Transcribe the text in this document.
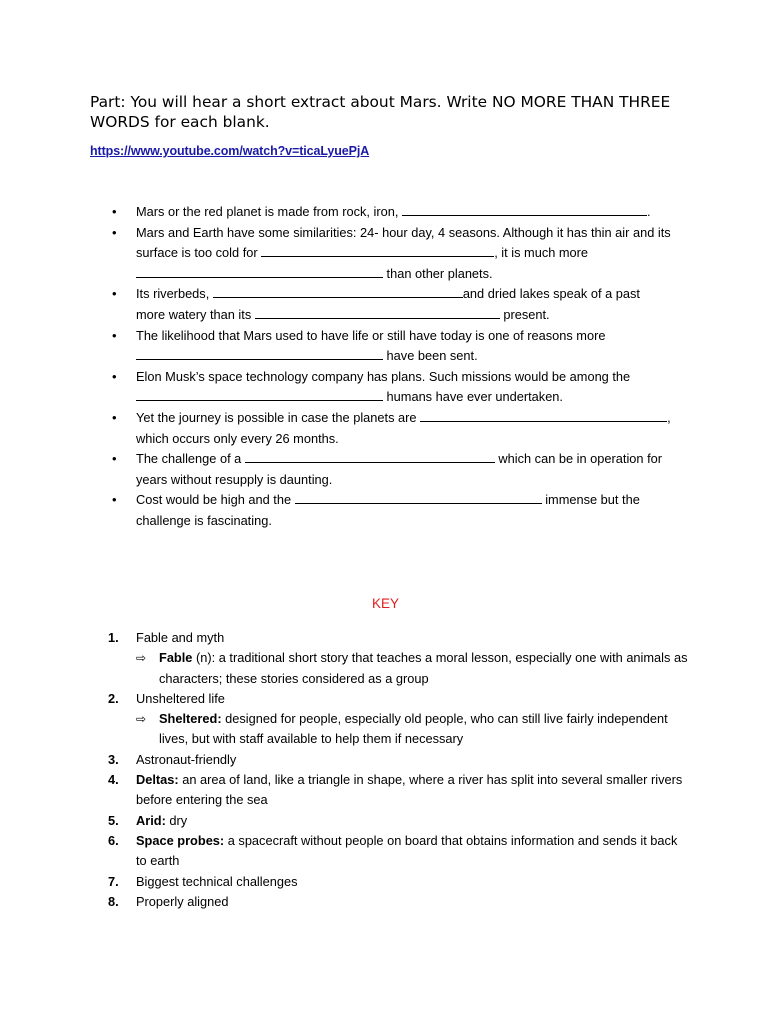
Part: You will hear a short extract about Mars. Write NO MORE THAN THREE WORDS for each blank.

https://www.youtube.com/watch?v=ticaLyuePjA
• Mars or the red planet is made from rock, iron,	.
• Mars and Earth have some similarities: 24- hour day, 4 seasons. Although it has thin air and its surface is too cold for	, it is much more  than other planets.
• Its riverbeds,	and dried lakes speak of a past more watery than its	present.
• The likelihood that Mars used to have life or still have today is one of reasons more  have been sent.
• Elon Musk’s space technology company has plans. Such missions would be among the  humans have ever undertaken.
• Yet the journey is possible in case the planets are	, which occurs only every 26 months.
• The challenge of a	which can be in operation for years without resupply is daunting.
• Cost would be high and the	immense but the challenge is fascinating.

KEY

1. Fable and myth
⇨ Fable (n): a traditional short story that teaches a moral lesson, especially one with animals as characters; these stories considered as a group
2. Unsheltered life
⇨ Sheltered: designed for people, especially old people, who can still live fairly independent lives, but with staff available to help them if necessary
3. Astronaut-friendly
4. Deltas: an area of land, like a triangle in shape, where a river has split into several smaller rivers before entering the sea
5. Arid: dry
6. Space probes: a spacecraft without people on board that obtains information and sends it back to earth
7. Biggest technical challenges
8. Properly aligned
